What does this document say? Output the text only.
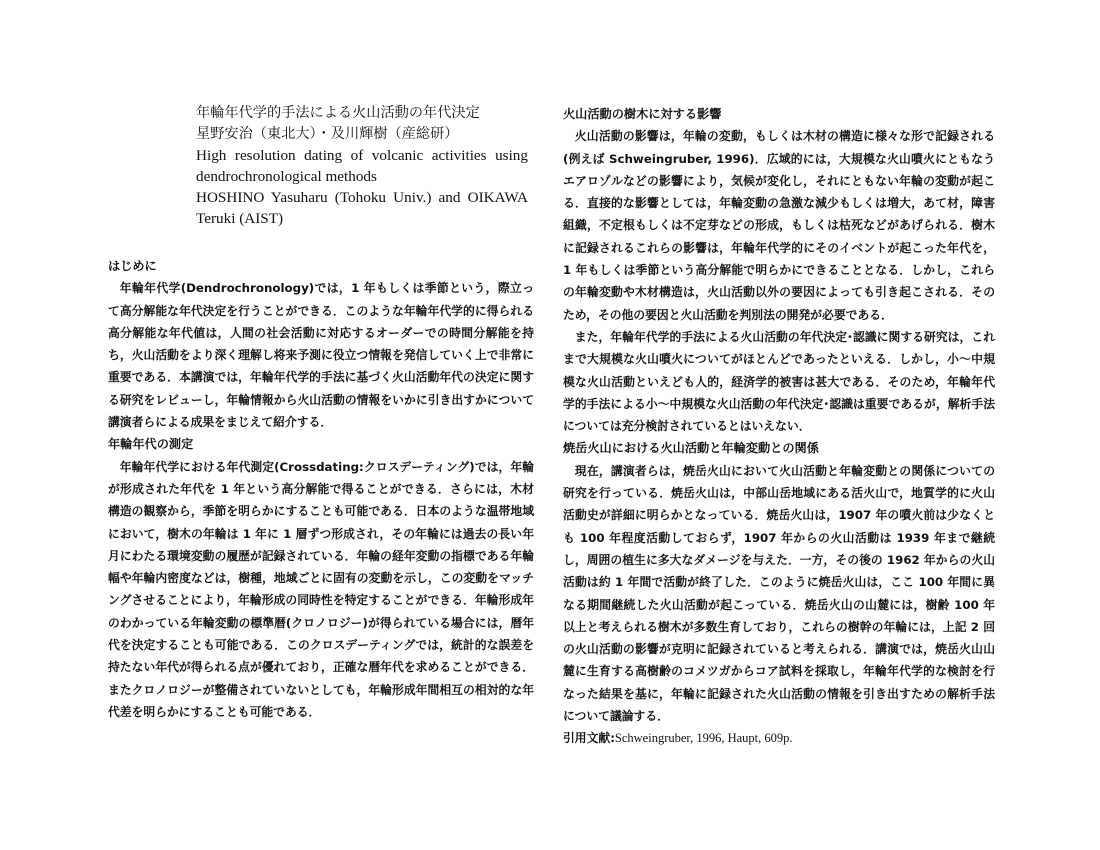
年輪年代学的手法による火山活動の年代決定
星野安治（東北大）・及川輝樹（産総研）
High resolution dating of volcanic activities using dendrochronological methods
HOSHINO Yasuharu (Tohoku Univ.) and OIKAWA Teruki (AIST)
はじめに

年輪年代学(Dendrochronology)では，1 年もしくは季節という，際立って高分解能な年代決定を行うことができる．このような年輪年代学的に得られる高分解能な年代値は，人間の社会活動に対応するオーダーでの時間分解能を持ち，火山活動をより深く理解し将来予測に役立つ情報を発信していく上で非常に重要である．本講演では，年輪年代学的手法に基づく火山活動年代の決定に関する研究をレビューし，年輪情報から火山活動の情報をいかに引き出すかについて講演者らによる成果をまじえて紹介する．

年輪年代の測定

年輪年代学における年代測定(Crossdating:クロスデーティング)では，年輪が形成された年代を 1 年という高分解能で得ることができる．さらには，木材構造の観察から，季節を明らかにすることも可能である．日本のような温帯地域において，樹木の年輪は 1 年に 1 層ずつ形成され，その年輪には過去の長い年月にわたる環境変動の履歴が記録されている．年輪の経年変動の指標である年輪幅や年輪内密度などは，樹種，地域ごとに固有の変動を示し，この変動をマッチングさせることにより，年輪形成の同時性を特定することができる．年輪形成年のわかっている年輪変動の標準暦(クロノロジー)が得られている場合には，暦年代を決定することも可能である．このクロスデーティングでは，統計的な誤差を持たない年代が得られる点が優れており，正確な暦年代を求めることができる．またクロノロジーが整備されていないとしても，年輪形成年間相互の相対的な年代差を明らかにすることも可能である．

火山活動の樹木に対する影響

火山活動の影響は，年輪の変動，もしくは木材の構造に様々な形で記録される(例えば Schweingruber, 1996)．広域的には，大規模な火山噴火にともなうエアロゾルなどの影響により，気候が変化し，それにともない年輪の変動が起こる．直接的な影響としては，年輪変動の急激な減少もしくは増大，あて材，障害組織，不定根もしくは不定芽などの形成，もしくは枯死などがあげられる．樹木に記録されるこれらの影響は，年輪年代学的にそのイベントが起こった年代を，1 年もしくは季節という高分解能で明らかにできることとなる．しかし，これらの年輪変動や木材構造は，火山活動以外の要因によっても引き起こされる．そのため，その他の要因と火山活動を判別法の開発が必要である．

また，年輪年代学的手法による火山活動の年代決定･認識に関する研究は，これまで大規模な火山噴火についてがほとんどであったといえる．しかし，小～中規模な火山活動といえども人的，経済学的被害は甚大である．そのため，年輪年代学的手法による小～中規模な火山活動の年代決定･認識は重要であるが，解析手法については充分検討されているとはいえない．

焼岳火山における火山活動と年輪変動との関係

現在，講演者らは，焼岳火山において火山活動と年輪変動との関係についての研究を行っている．焼岳火山は，中部山岳地域にある活火山で，地質学的に火山活動史が詳細に明らかとなっている．焼岳火山は，1907 年の噴火前は少なくとも 100 年程度活動しておらず，1907 年からの火山活動は 1939 年まで継続し，周囲の植生に多大なダメージを与えた．一方，その後の 1962 年からの火山活動は約 1 年間で活動が終了した．このように焼岳火山は，ここ 100 年間に異なる期間継続した火山活動が起こっている．焼岳火山の山麓には，樹齢 100 年以上と考えられる樹木が多数生育しており，これらの樹幹の年輪には，上記 2 回の火山活動の影響が克明に記録されていると考えられる．講演では，焼岳火山山麓に生育する高樹齢のコメツガからコア試料を採取し，年輪年代学的な検討を行なった結果を基に，年輪に記録された火山活動の情報を引き出すための解析手法について議論する．

引用文献:Schweingruber, 1996, Haupt, 609p.
